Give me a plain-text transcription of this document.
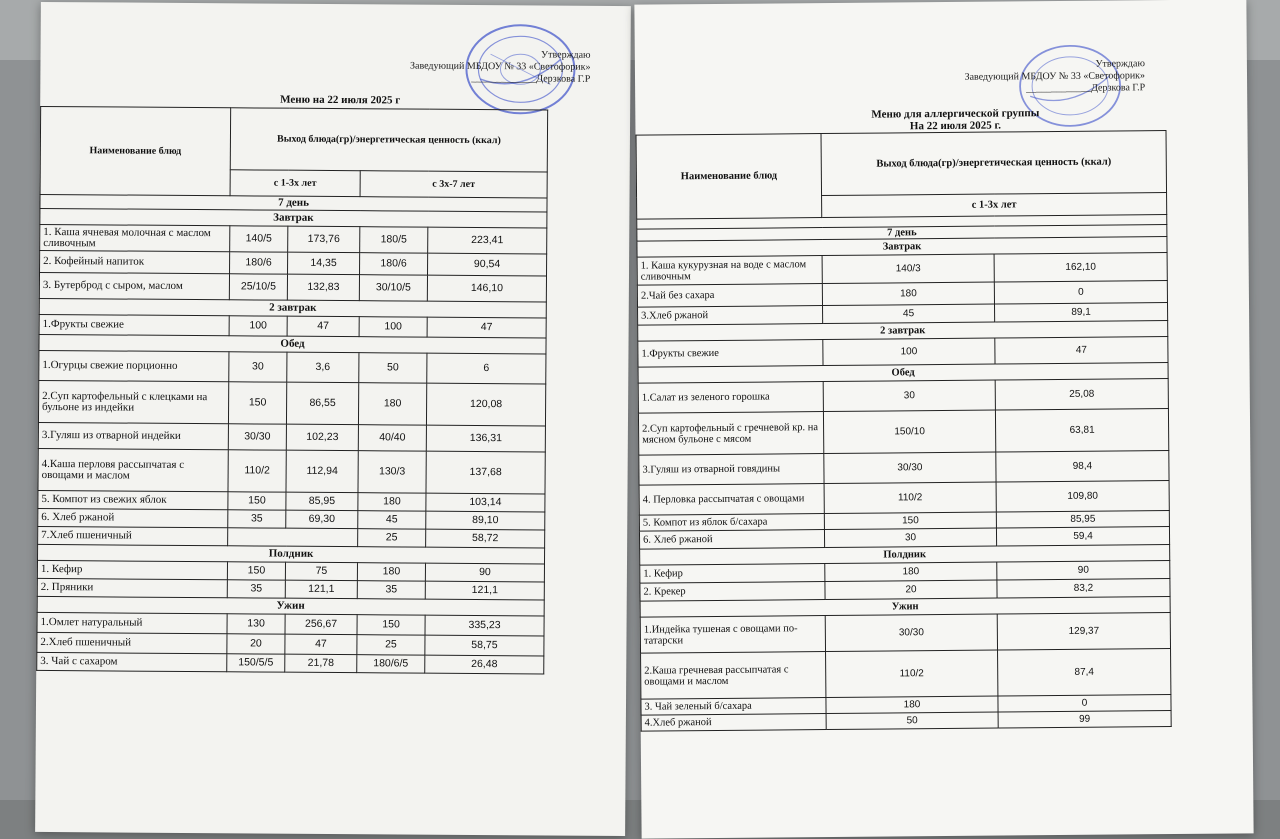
Утверждаю
Заведующий МБДОУ № 33 «Светофорик»
_____________Дерзкова Г.Р
Меню на 22 июля 2025 г
Наименование блюд	Выход блюда(гр)/энергетическая ценность (ккал)			
	с 1-3х лет		с 3х-7 лет	
7 день				
Завтрак				
1. Каша ячневая молочная с маслом сливочным	140/5	173,76	180/5	223,41
2. Кофейный напиток	180/6	14,35	180/6	90,54
3. Бутерброд с сыром, маслом	25/10/5	132,83	30/10/5	146,10
2 завтрак				
1.Фрукты свежие	100	47	100	47
Обед				
1.Огурцы свежие порционно	30	3,6	50	6
2.Суп картофельный с клецками на бульоне из индейки	150	86,55	180	120,08
3.Гуляш из отварной индейки	30/30	102,23	40/40	136,31
4.Каша перловя рассыпчатая с овощами и маслом	110/2	112,94	130/3	137,68
5. Компот из свежих яблок	150	85,95	180	103,14
6. Хлеб ржаной	35	69,30	45	89,10
7.Хлеб пшеничный			25	58,72
Полдник				
1. Кефир	150	75	180	90
2. Пряники	35	121,1	35	121,1
Ужин				
1.Омлет натуральный	130	256,67	150	335,23
2.Хлеб пшеничный	20	47	25	58,75
3. Чай с сахаром	150/5/5	21,78	180/6/5	26,48
Утверждаю
Заведующий МБДОУ № 33 «Светофорик»
_____________Дерзкова Г.Р
Меню для аллергической группы
На 22 июля 2025 г.
Наименование блюд	Выход блюда(гр)/энергетическая ценность (ккал)	
	с 1-3х лет	

7 день		
Завтрак		
1. Каша кукурузная на воде с маслом сливочным	140/3	162,10
2.Чай без сахара	180	0
3.Хлеб ржаной	45	89,1
2 завтрак		
1.Фрукты свежие	100	47
Обед		
1.Салат из зеленого горошка	30	25,08
2.Суп картофельный с гречневой кр. на мясном бульоне с мясом	150/10	63,81
3.Гуляш из отварной говядины	30/30	98,4
4. Перловка рассыпчатая с овощами	110/2	109,80
5. Компот из яблок б/сахара	150	85,95
6. Хлеб ржаной	30	59,4
Полдник		
1. Кефир	180	90
2. Крекер	20	83,2
Ужин		
1.Индейка тушеная с овощами по-татарски	30/30	129,37
2.Каша гречневая рассыпчатая с овощами и маслом	110/2	87,4
3. Чай зеленый б/сахара	180	0
4.Хлеб ржаной	50	99
